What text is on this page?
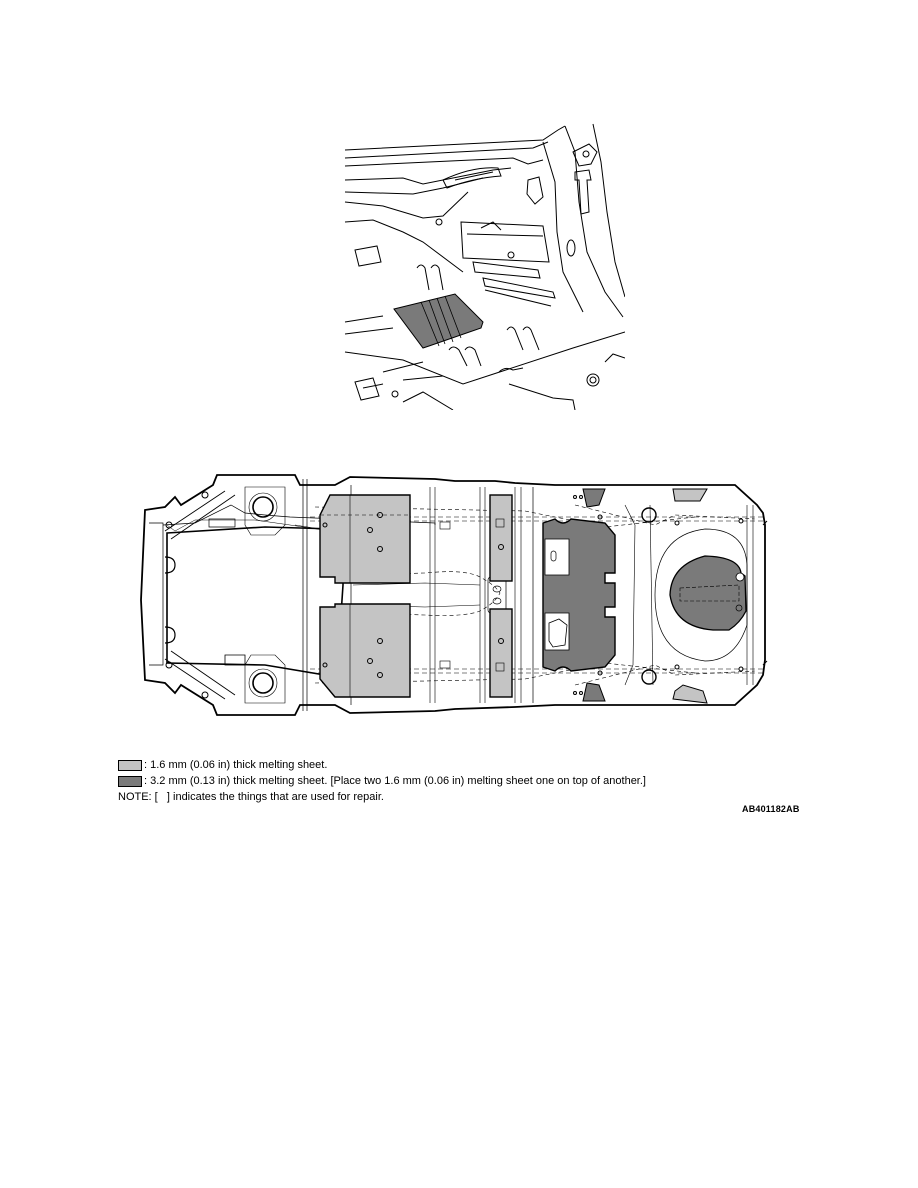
: 1.6 mm (0.06 in) thick melting sheet.
: 3.2 mm (0.13 in) thick melting sheet. [Place two 1.6 mm (0.06 in) melting sheet one on top of another.]
NOTE: [   ] indicates the things that are used for repair.
AB401182AB
